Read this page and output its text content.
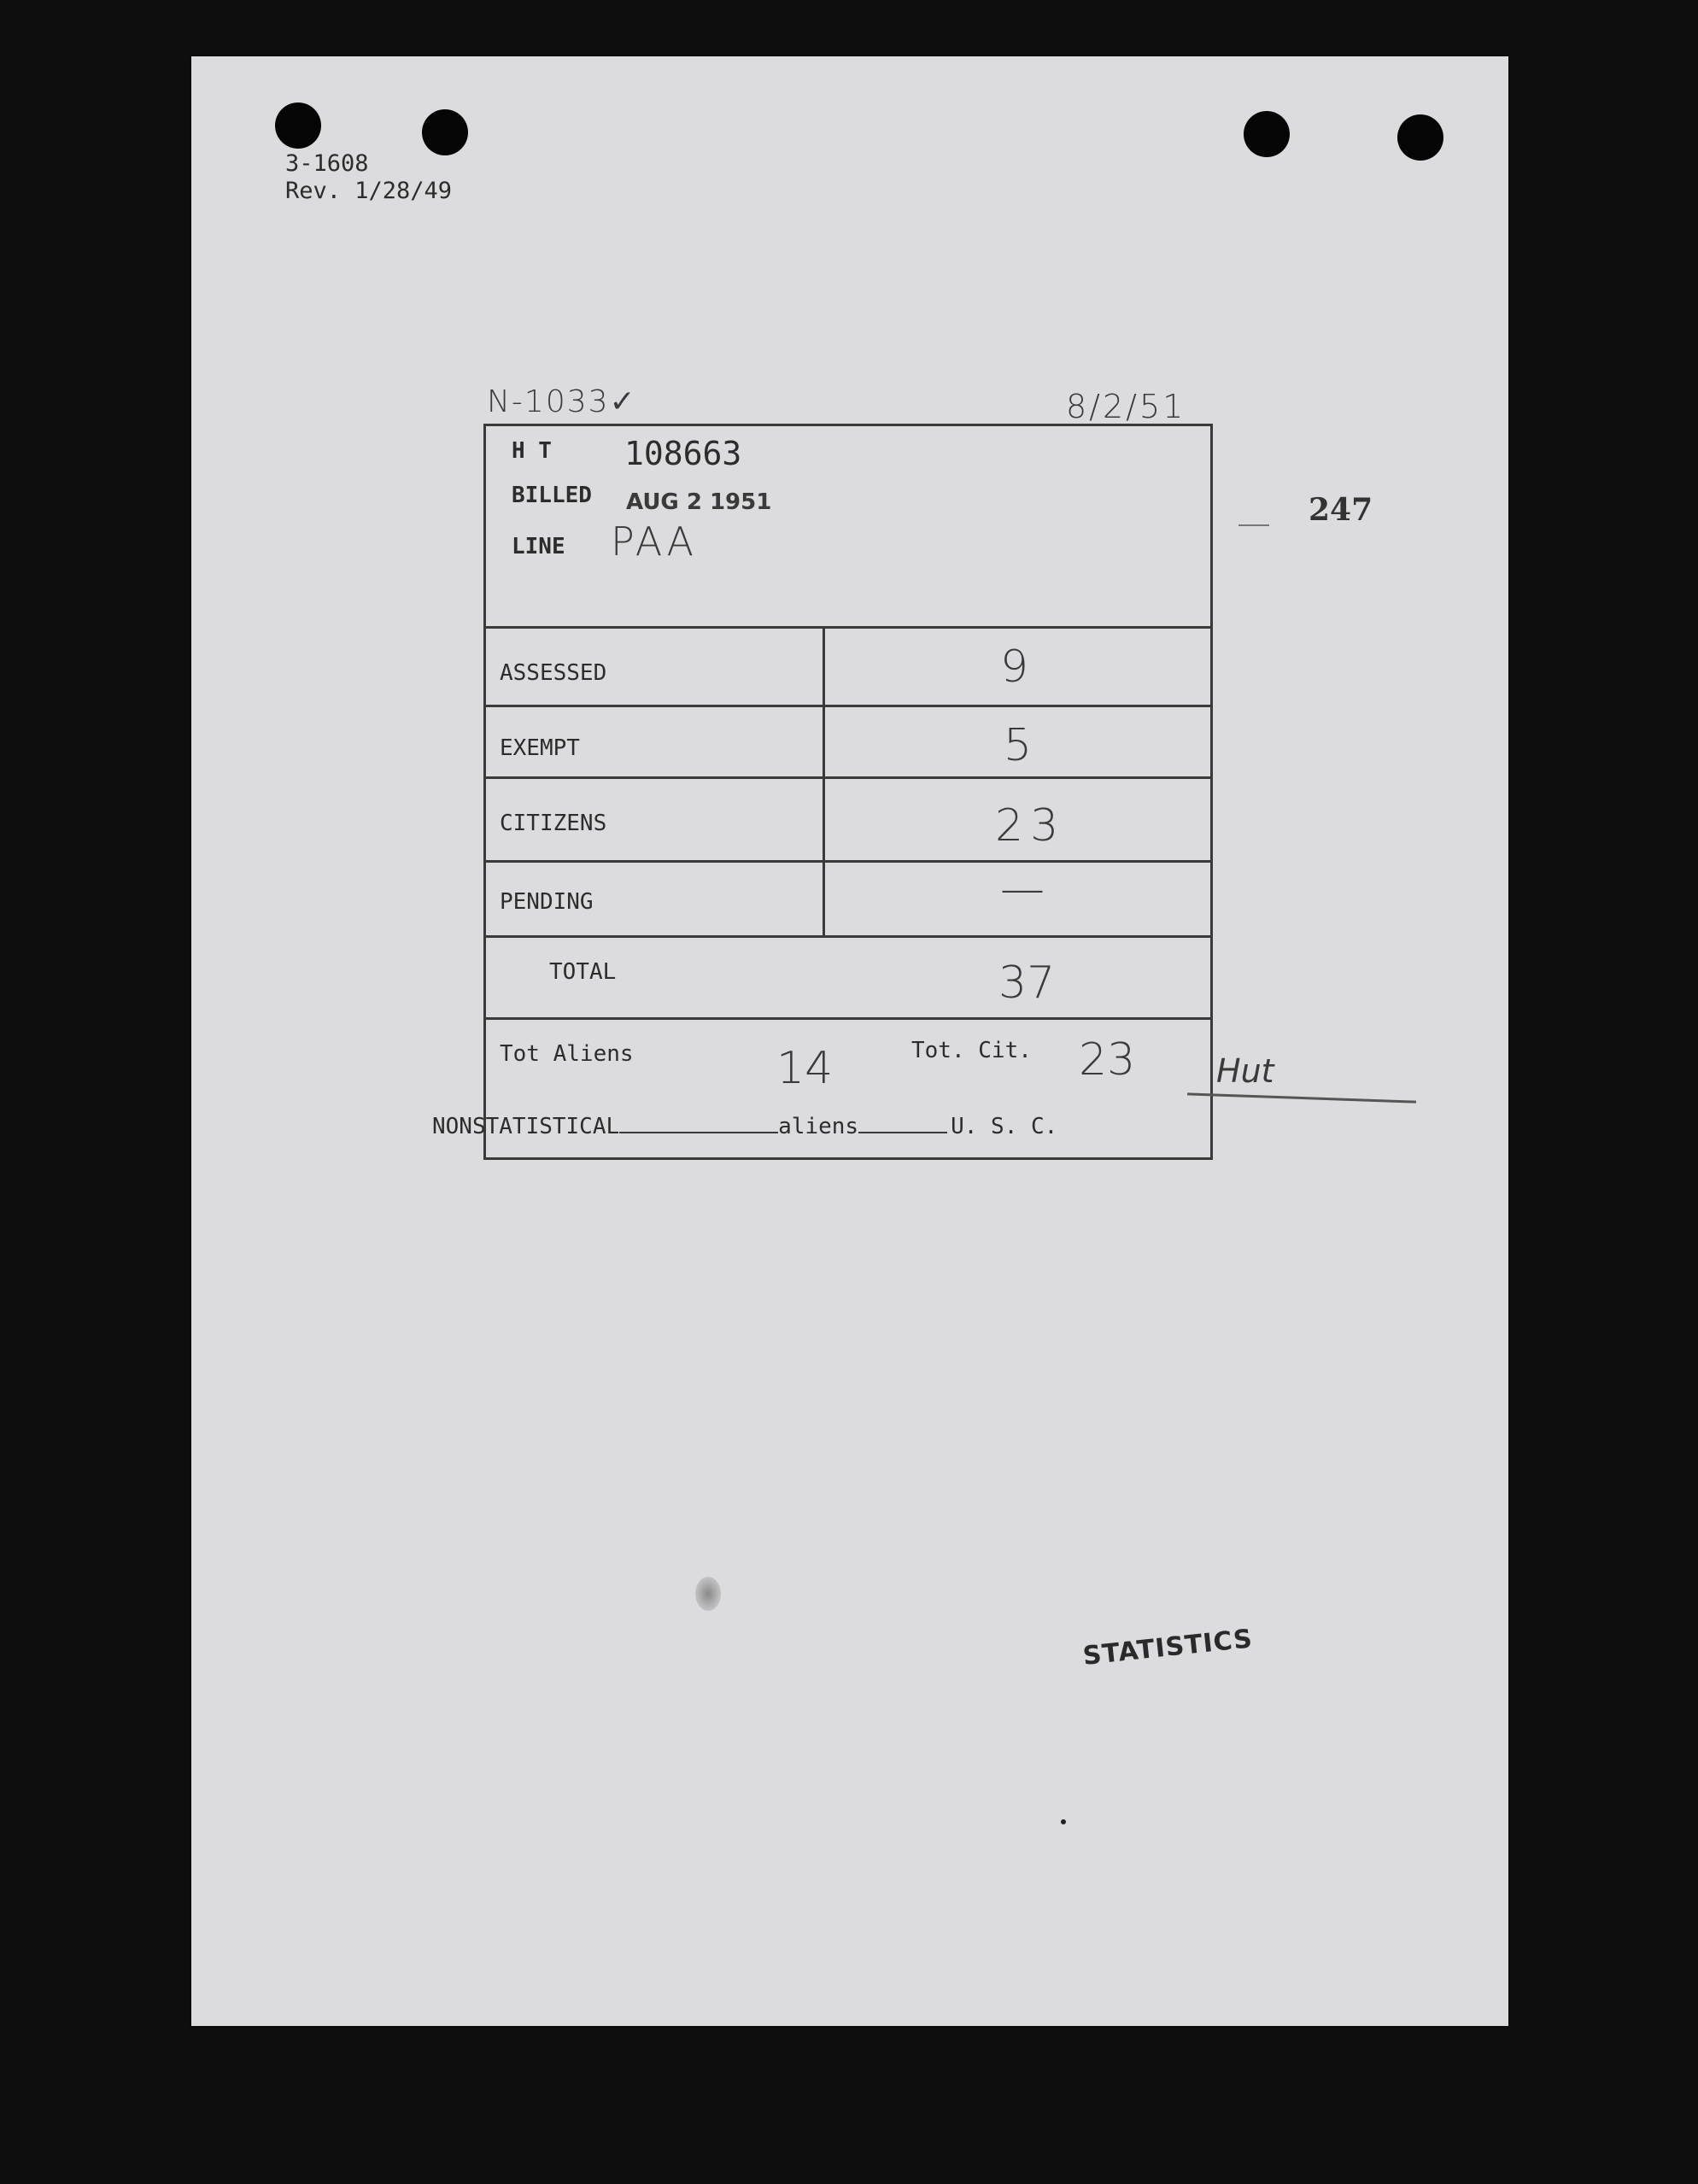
3-1608
Rev. 1/28/49
N-1033✓	8/2/51
247
H T 108663
BILLED AUG 2 1951
LINE PAA
ASSESSED	9
EXEMPT	5
CITIZENS	23
PENDING	—
TOTAL	37
Tot Aliens	14	Tot. Cit. 23 Hut
NONSTATISTICAL	aliens	U. S. C.
STATISTICS
